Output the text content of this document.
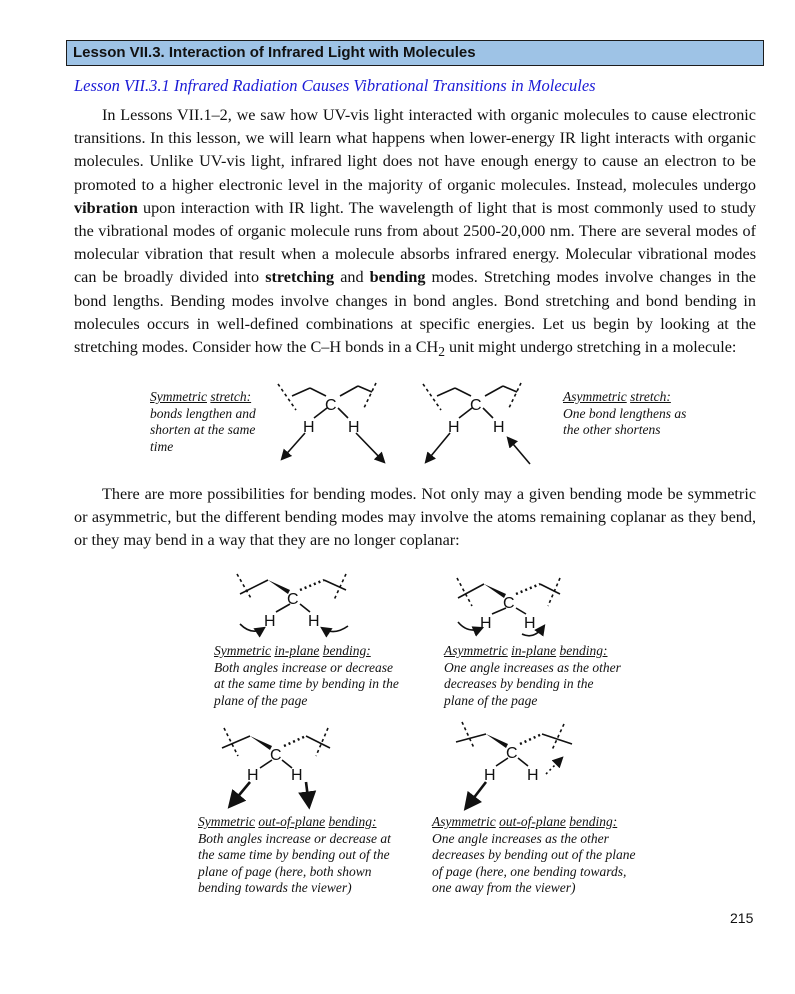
Lesson VII.3. Interaction of Infrared Light with Molecules
Lesson VII.3.1 Infrared Radiation Causes Vibrational Transitions in Molecules

In Lessons VII.1–2, we saw how UV-vis light interacted with organic molecules to cause electronic transitions. In this lesson, we will learn what happens when lower-energy IR light interacts with organic molecules. Unlike UV-vis light, infrared light does not have enough energy to cause an electron to be promoted to a higher electronic level in the majority of organic molecules. Instead, molecules undergo vibration upon interaction with IR light. The wavelength of light that is most commonly used to study the vibrational modes of organic molecule runs from about 2500-20,000 nm. There are several modes of molecular vibration that result when a molecule absorbs infrared energy. Molecular vibrational modes can be broadly divided into stretching and bending modes. Stretching modes involve changes in the bond lengths. Bending modes involve changes in bond angles. Bond stretching and bond bending in molecules occurs in well-defined combinations at specific energies. Let us begin by looking at the stretching modes. Consider how the C–H bonds in a $CH_2$ unit might undergo stretching in a molecule:

There are more possibilities for bending modes. Not only may a given bending mode be symmetric or asymmetric, but the different bending modes may involve the atoms remaining coplanar as they bend, or they may bend in a way that they are no longer coplanar:

Symmetric stretch:
bonds lengthen and shorten at the same time
Asymmetric stretch:
One bond lengthens as the other shortens
Symmetric in-plane bending:
Both angles increase or decrease at the same time by bending in the plane of the page
Asymmetric in-plane bending:
One angle increases as the other decreases by bending in the plane of the page
Symmetric out-of-plane bending:
Both angles increase or decrease at the same time by bending out of the plane of page (here, both shown bending towards the viewer)
Asymmetric out-of-plane bending:
One angle increases as the other decreases by bending out of the plane of page (here, one bending towards, one away from the viewer)
C
H H
C
H H
C
H H
C
H H
C
H H
C
H H
215
